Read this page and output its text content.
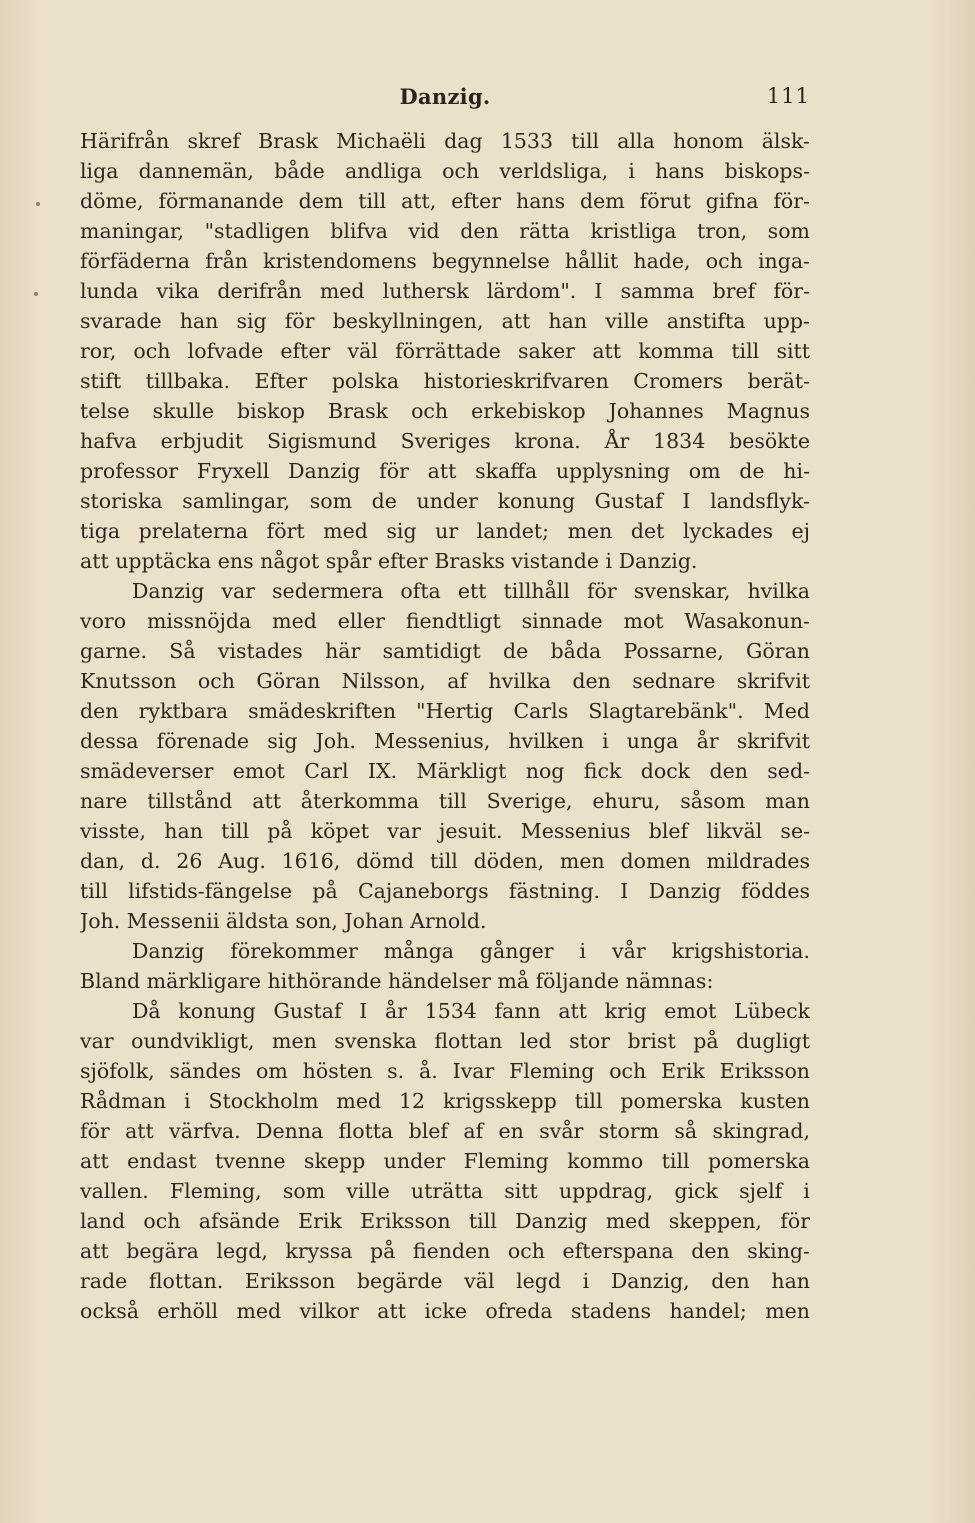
Danzig.	111
Härifrån skref Brask Michaëli dag 1533 till alla honom älsk-
liga dannemän, både andliga och verldsliga, i hans biskops-
döme, förmanande dem till att, efter hans dem förut gifna för-
maningar, "stadligen blifva vid den rätta kristliga tron, som
förfäderna från kristendomens begynnelse hållit hade, och inga-
lunda vika derifrån med luthersk lärdom". I samma bref för-
svarade han sig för beskyllningen, att han ville anstifta upp-
ror, och lofvade efter väl förrättade saker att komma till sitt
stift tillbaka. Efter polska historieskrifvaren Cromers berät-
telse skulle biskop Brask och erkebiskop Johannes Magnus
hafva erbjudit Sigismund Sveriges krona. År 1834 besökte
professor Fryxell Danzig för att skaffa upplysning om de hi-
storiska samlingar, som de under konung Gustaf I landsflyk-
tiga prelaterna fört med sig ur landet; men det lyckades ej
att upptäcka ens något spår efter Brasks vistande i Danzig.
Danzig var sedermera ofta ett tillhåll för svenskar, hvilka
voro missnöjda med eller fiendtligt sinnade mot Wasakonun-
garne. Så vistades här samtidigt de båda Possarne, Göran
Knutsson och Göran Nilsson, af hvilka den sednare skrifvit
den ryktbara smädeskriften "Hertig Carls Slagtarebänk". Med
dessa förenade sig Joh. Messenius, hvilken i unga år skrifvit
smädeverser emot Carl IX. Märkligt nog fick dock den sed-
nare tillstånd att återkomma till Sverige, ehuru, såsom man
visste, han till på köpet var jesuit. Messenius blef likväl se-
dan, d. 26 Aug. 1616, dömd till döden, men domen mildrades
till lifstids-fängelse på Cajaneborgs fästning. I Danzig föddes
Joh. Messenii äldsta son, Johan Arnold.
Danzig förekommer många gånger i vår krigshistoria.
Bland märkligare hithörande händelser må följande nämnas:
Då konung Gustaf I år 1534 fann att krig emot Lübeck
var oundvikligt, men svenska flottan led stor brist på dugligt
sjöfolk, sändes om hösten s. å. Ivar Fleming och Erik Eriksson
Rådman i Stockholm med 12 krigsskepp till pomerska kusten
för att värfva. Denna flotta blef af en svår storm så skingrad,
att endast tvenne skepp under Fleming kommo till pomerska
vallen. Fleming, som ville uträtta sitt uppdrag, gick sjelf i
land och afsände Erik Eriksson till Danzig med skeppen, för
att begära legd, kryssa på fienden och efterspana den sking-
rade flottan. Eriksson begärde väl legd i Danzig, den han
också erhöll med vilkor att icke ofreda stadens handel; men
